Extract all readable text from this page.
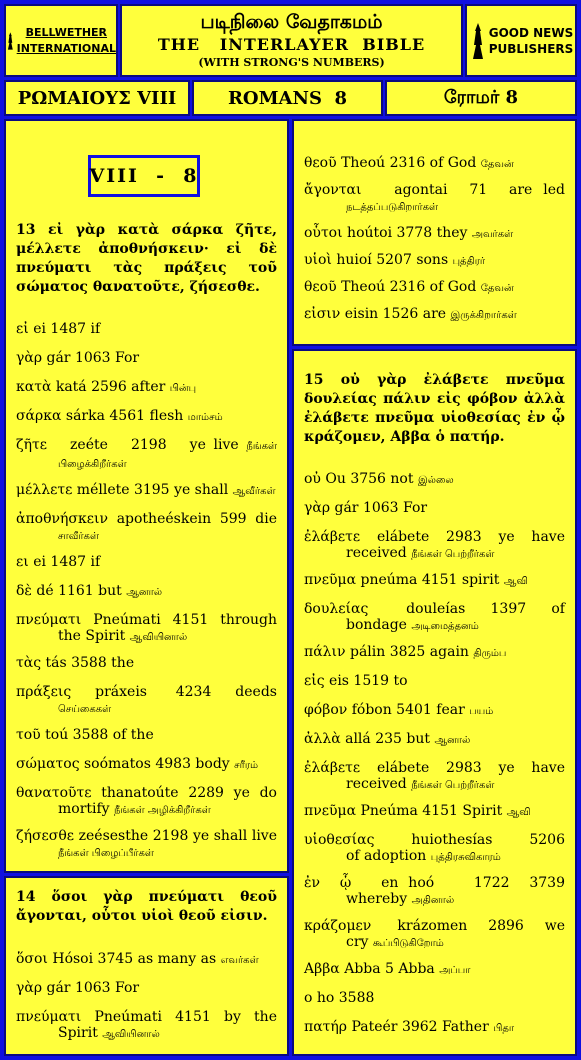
BELLWETHER
INTERNATIONAL
படிநிலை வேதாகமம்
THE   INTERLAYER  BIBLE
(WITH STRONG'S NUMBERS)
GOOD NEWS
PUBLISHERS
ΡΩΜΑΙΟΥΣ VIII	ROMANS  8	ரோமர் 8
VIII  -  8
13 εἰ γὰρ κατὰ σάρκα ζῆτε, μέλλετε ἀποθνήσκειν· εἰ δὲ πνεύματι τὰς πράξεις τοῦ σώματος θανατοῦτε, ζήσεσθε.
εἰ ei 1487 if
γὰρ gár 1063 For
κατὰ katá 2596 after பின்பு
σάρκα sárka 4561 flesh மாம்சம்
ζῆτε   zeéte   2198   ye live நீங்கள் பிழைக்கிறீர்கள்
μέλλετε méllete 3195 ye shall ஆவீர்கள்
ἀποθνήσκειν apotheéskein 599 die சாவீர்கள்
ει ei 1487 if
δὲ dé 1161 but ஆனால்
πνεύματι Pneúmati 4151 through the Spirit ஆவியினால்
τὰς tás 3588 the
πράξεις     práxeis      4234     deeds செய்கைகள்
τοῦ toú 3588 of the
σώματος soómatos 4983 body சரீரம்
θανατοῦτε thanatoúte 2289 ye do mortify நீங்கள் அழிக்கிறீர்கள்
ζήσεσθε zeésesthe 2198 ye shall live நீங்கள் பிழைப்பீர்கள்
14 ὅσοι γὰρ πνεύματι θεοῦ ἄγονται, οὗτοι υἱοὶ θεοῦ εἰσιν.
ὅσοι Hósoi 3745 as many as எவர்கள்
γὰρ gár 1063 For
πνεύματι Pneúmati 4151 by the Spirit ஆவியினால்
θεοῦ Theoú 2316 of God தேவன்
ἄγονται   agontai  71  are led நடத்தப்படுகிறார்கள்
οὗτοι hoútoi 3778 they அவர்கள்
υἱοὶ huioí 5207 sons புத்திரர்
θεοῦ Theoú 2316 of God தேவன்
εἰσιν eisin 1526 are இருக்கிறார்கள்
15 οὐ γὰρ ἐλάβετε πνεῦμα δουλείας πάλιν εἰς φόβον ἀλλὰ ἐλάβετε πνεῦμα υἱοθεσίας ἐν ᾧ κράζομεν, Αββα ὁ πατήρ.
οὐ Ou 3756 not இல்லை
γὰρ gár 1063 For
ἐλάβετε elábete 2983 ye have received நீங்கள் பெற்றீர்கள்
πνεῦμα pneúma 4151 spirit ஆவி
δουλείας   douleías  1397  of bondage அடிமைத்தனம்
πάλιν pálin 3825 again திரும்ப
εἰς eis 1519 to
φόβον fóbon 5401 fear பயம்
ἀλλὰ allá 235 but ஆனால்
ἐλάβετε elábete 2983 ye have received நீங்கள் பெற்றீர்கள்
πνεῦμα Pneúma 4151 Spirit ஆவி
υἱοθεσίας        huiothesías        5206 of adoption புத்திரசுவிகாரம்
ἐν  ᾧ   en hoó    1722  3739  whereby அதினால்
κράζομεν     krázomen    2896    we cry கூப்பிடுகிறோம்
Αββα Abba 5 Abba அப்பா
ο ho 3588
πατήρ Pateér 3962 Father பிதா
